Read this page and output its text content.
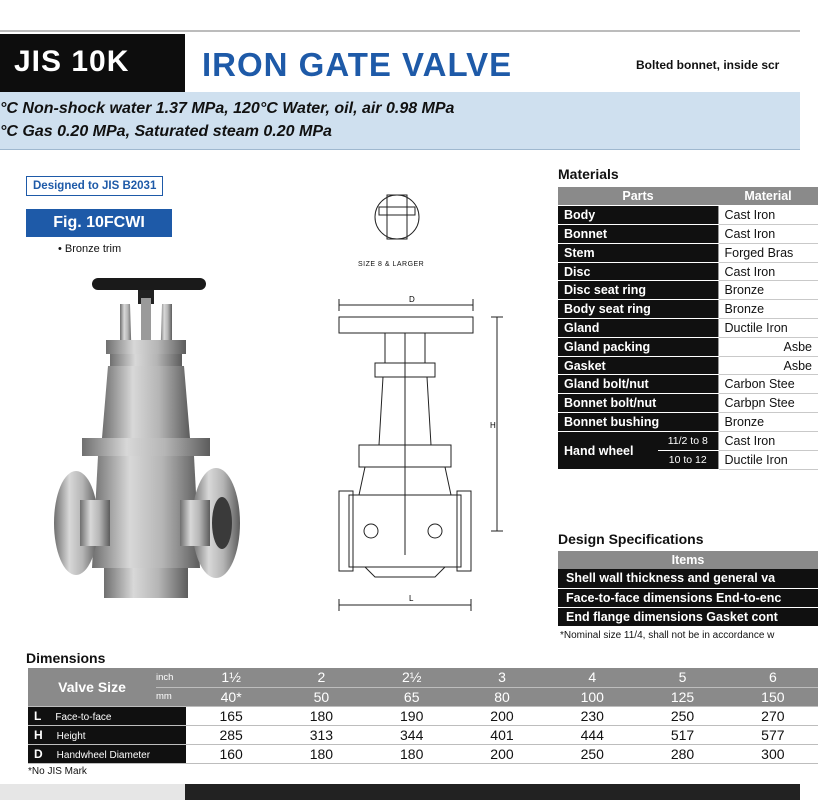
JIS 10K	IRON GATE VALVE	Bolted bonnet, inside scr
°C Non-shock water 1.37 MPa, 120°C Water, oil, air 0.98 MPa
°C Gas 0.20 MPa, Saturated steam 0.20 MPa
Designed to JIS B2031
Fig. 10FCWI
• Bronze trim
D
H
L
SIZE 8 & LARGER
Materials
Parts	Material
Body	Cast Iron
Bonnet	Cast Iron
Stem	Forged Bras
Disc	Cast Iron
Disc seat ring	Bronze
Body seat ring	Bronze
Gland	Ductile Iron
Gland packing	Asbe
Gasket	Asbe
Gland bolt/nut	Carbon Stee
Bonnet bolt/nut	Carbpn Stee
Bonnet bushing	Bronze
Hand wheel	11/2 to 8	Cast Iron
	10 to 12	Ductile Iron
Design Specifications
Items
Shell wall thickness and general va
Face-to-face dimensions End-to-enc
End flange dimensions Gasket cont
*Nominal size 11/4, shall not be in accordance w
Dimensions
Valve Size	inch	1½	2	2½	3	4	5	6
	mm	40*	50	65	80	100	125	150
L Face-to-face		165	180	190	200	230	250	270
H Height		285	313	344	401	444	517	577
D Handwheel Diameter		160	180	180	200	250	280	300
*No JIS Mark
